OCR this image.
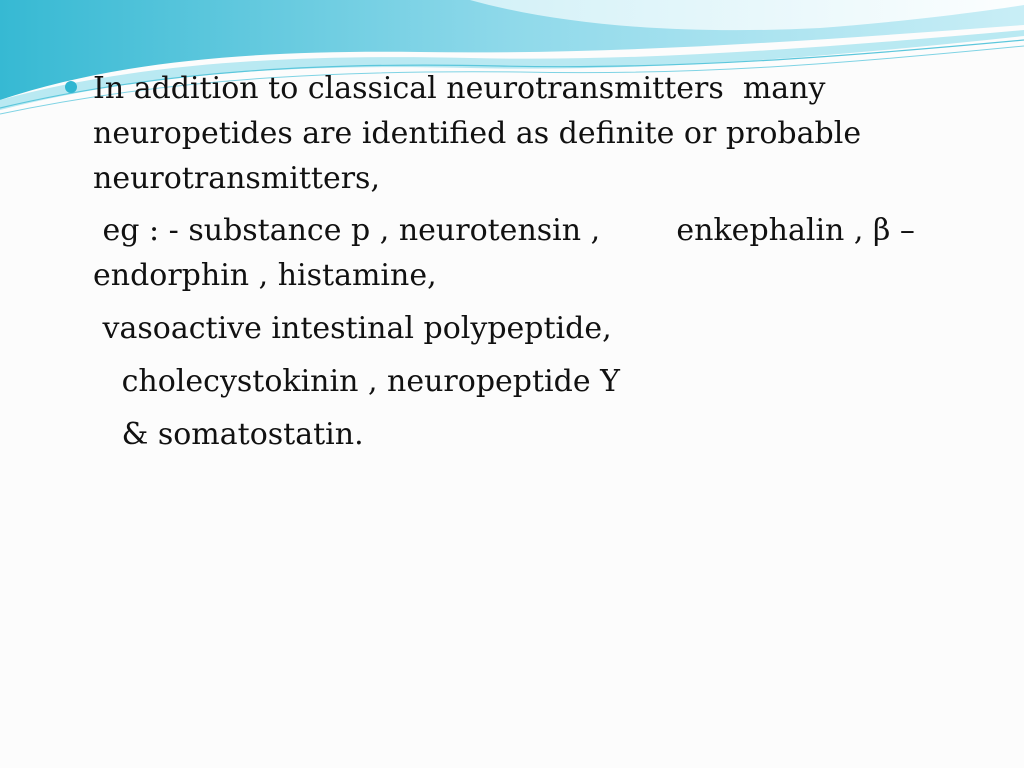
In addition to classical neurotransmitters  many
neuropetides are identified as definite or probable
neurotransmitters,
eg : - substance p , neurotensin ,        enkephalin , β –
endorphin , histamine,
vasoactive intestinal polypeptide,
cholecystokinin , neuropeptide Y
& somatostatin.
